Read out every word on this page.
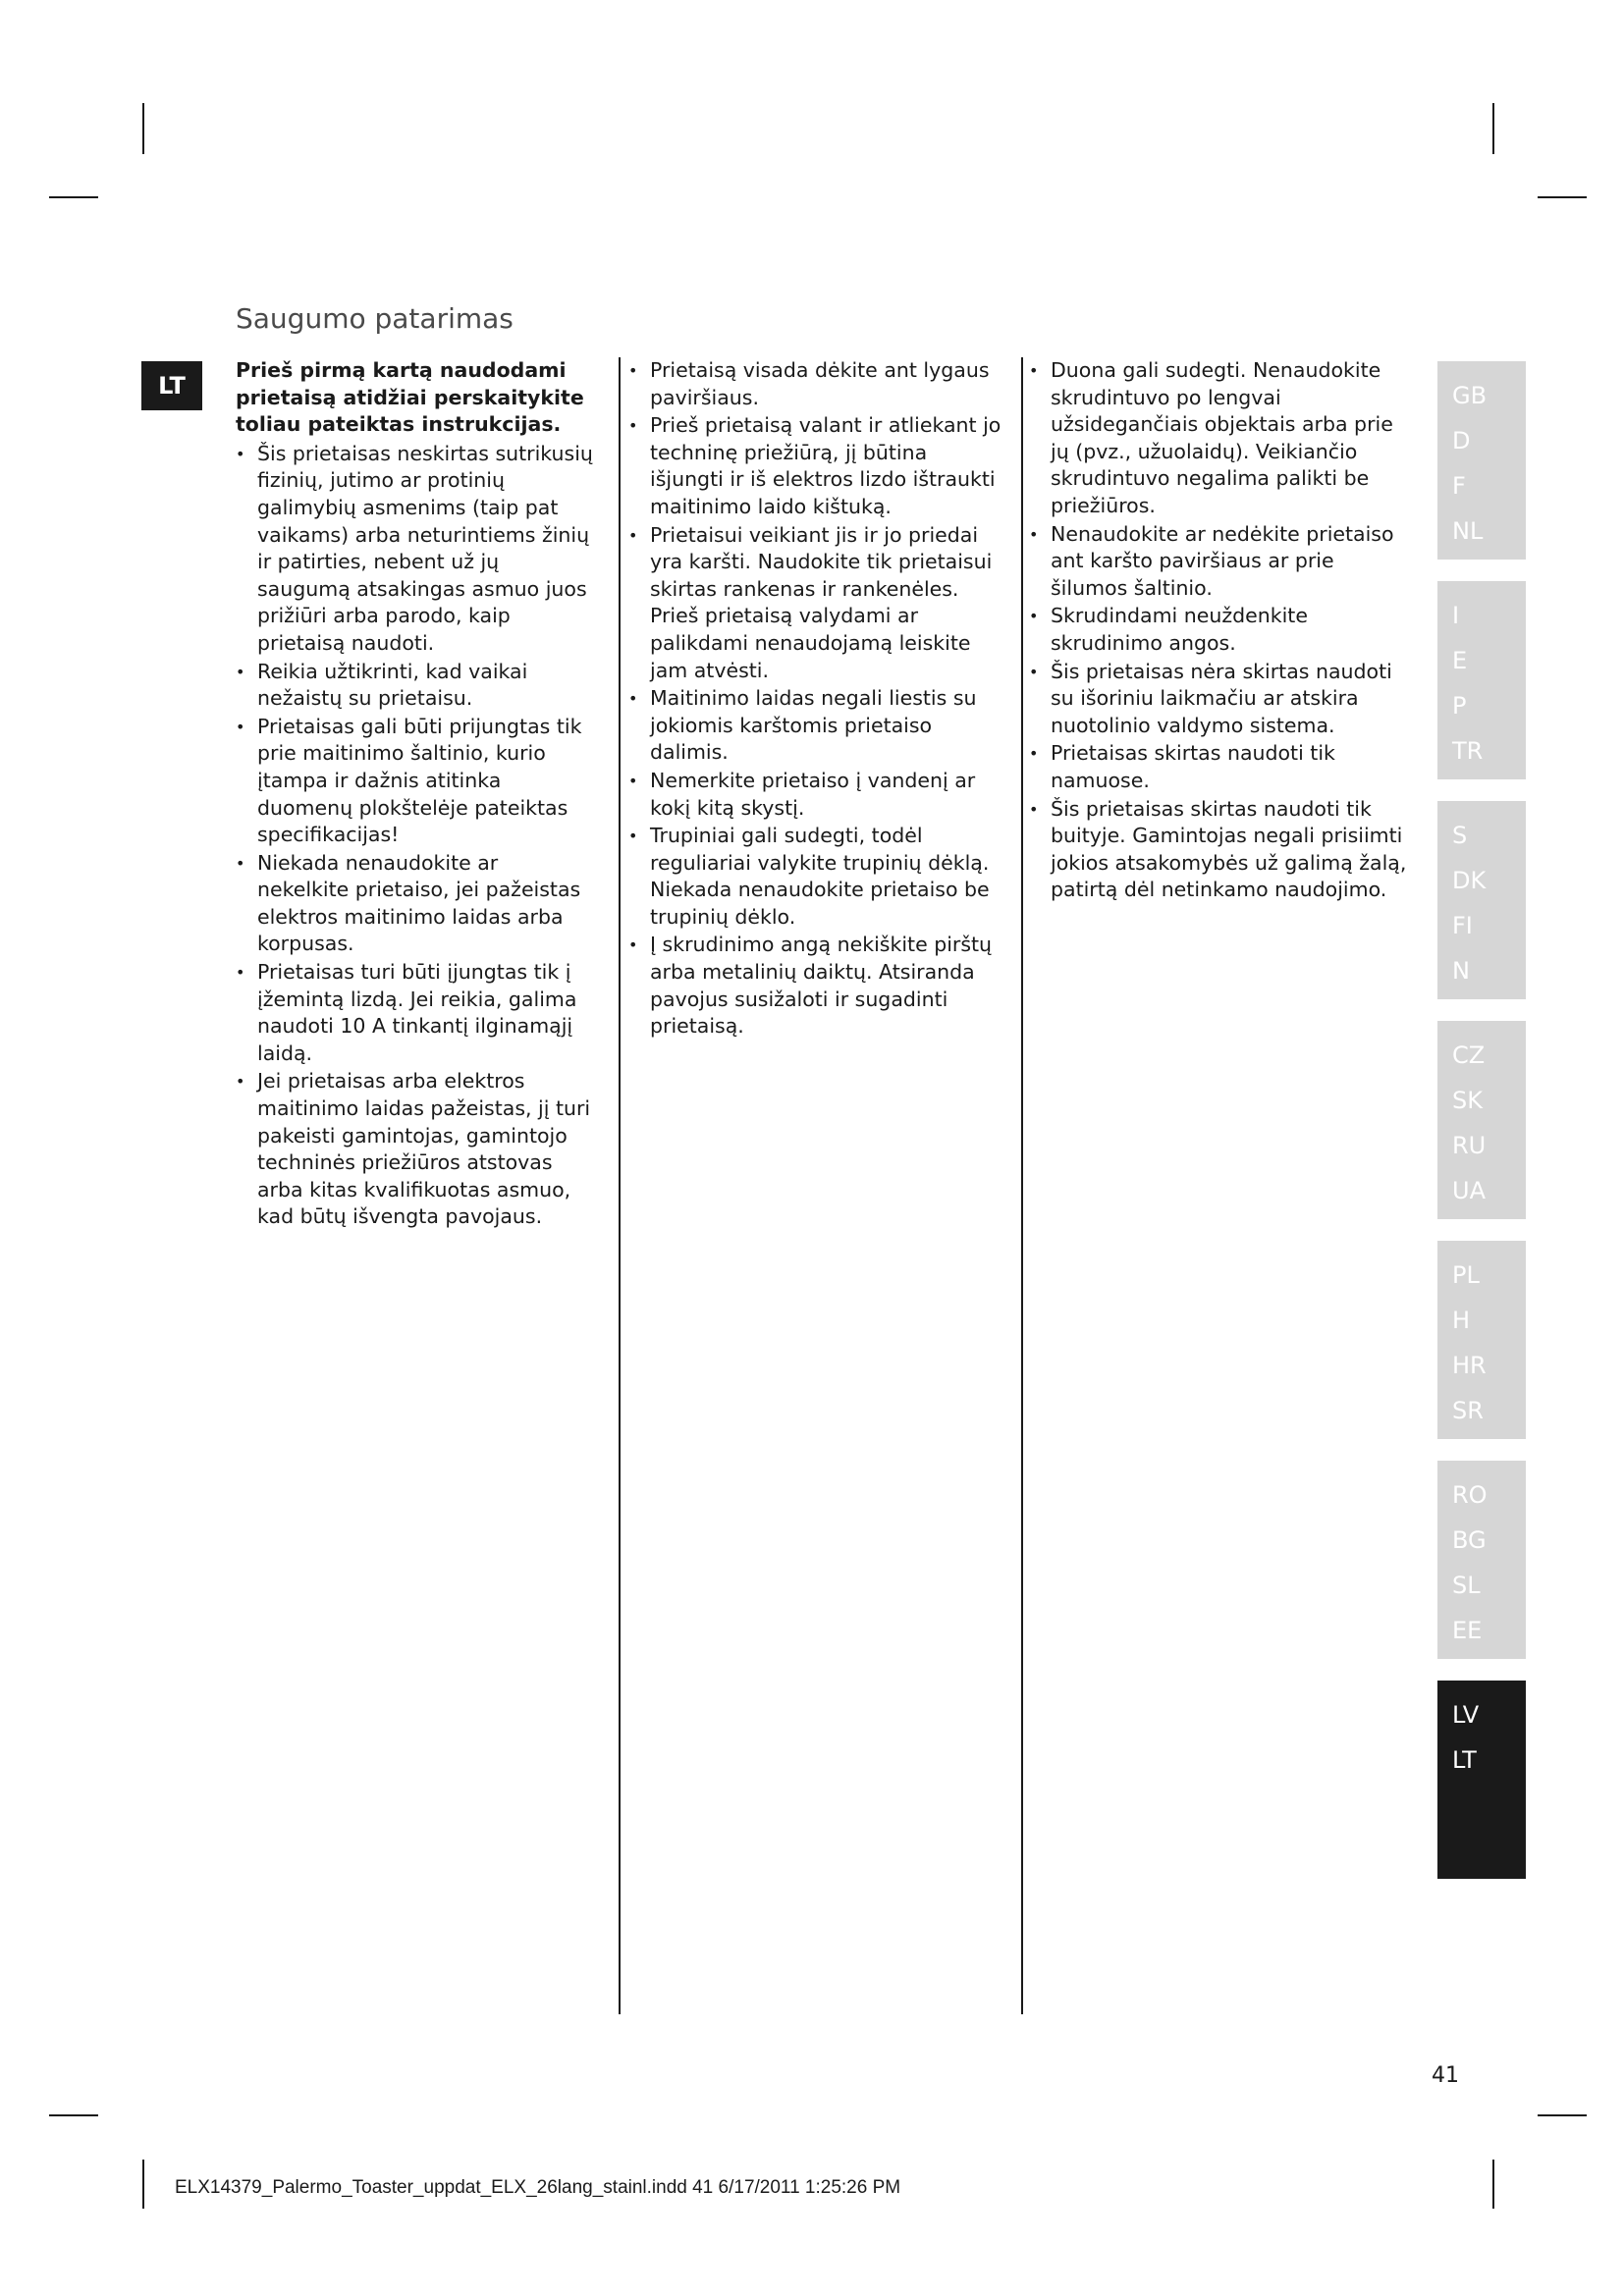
Saugumo patarimas
LT

Prieš pirmą kartą naudodami prietaisą atidžiai perskaitykite toliau pateiktas instrukcijas.

• Šis prietaisas neskirtas sutrikusių fizinių, jutimo ar protinių galimybių asmenims (taip pat vaikams) arba neturintiems žinių ir patirties, nebent už jų saugumą atsakingas asmuo juos prižiūri arba parodo, kaip prietaisą naudoti.
• Reikia užtikrinti, kad vaikai nežaistų su prietaisu.
• Prietaisas gali būti prijungtas tik prie maitinimo šaltinio, kurio įtampa ir dažnis atitinka duomenų plokštelėje pateiktas specifikacijas!
• Niekada nenaudokite ar nekelkite prietaiso, jei pažeistas elektros maitinimo laidas arba korpusas.
• Prietaisas turi būti įjungtas tik į įžemintą lizdą. Jei reikia, galima naudoti 10 A tinkantį ilginamąjį laidą.
• Jei prietaisas arba elektros maitinimo laidas pažeistas, jį turi pakeisti gamintojas, gamintojo techninės priežiūros atstovas arba kitas kvalifikuotas asmuo, kad būtų išvengta pavojaus.
• Prietaisą visada dėkite ant lygaus paviršiaus.
• Prieš prietaisą valant ir atliekant jo techninę priežiūrą, jį būtina išjungti ir iš elektros lizdo ištraukti maitinimo laido kištuką.
• Prietaisui veikiant jis ir jo priedai yra karšti. Naudokite tik prietaisui skirtas rankenas ir rankenėles. Prieš prietaisą valydami ar palikdami nenaudojamą leiskite jam atvėsti.
• Maitinimo laidas negali liestis su jokiomis karštomis prietaiso dalimis.
• Nemerkite prietaiso į vandenį ar kokį kitą skystį.
• Trupiniai gali sudegti, todėl reguliariai valykite trupinių dėklą. Niekada nenaudokite prietaiso be trupinių dėklo.
• Į skrudinimo angą nekiškite pirštų arba metalinių daiktų. Atsiranda pavojus susižaloti ir sugadinti prietaisą.
• Duona gali sudegti. Nenaudokite skrudintuvo po lengvai užsidegančiais objektais arba prie jų (pvz., užuolaidų). Veikiančio skrudintuvo negalima palikti be priežiūros.
• Nenaudokite ar nedėkite prietaiso ant karšto paviršiaus ar prie šilumos šaltinio.
• Skrudindami neuždenkite skrudinimo angos.
• Šis prietaisas nėra skirtas naudoti su išoriniu laikmačiu ar atskira nuotolinio valdymo sistema.
• Prietaisas skirtas naudoti tik namuose.
• Šis prietaisas skirtas naudoti tik buityje. Gamintojas negali prisiimti jokios atsakomybės už galimą žalą, patirtą dėl netinkamo naudojimo.
GB
D
F
NL
I
E
P
TR
S
DK
FI
N
CZ
SK
RU
UA
PL
H
HR
SR
RO
BG
SL
EE
LV
LT
41
ELX14379_Palermo_Toaster_uppdat_ELX_26lang_stainl.indd 41 6/17/2011 1:25:26 PM
